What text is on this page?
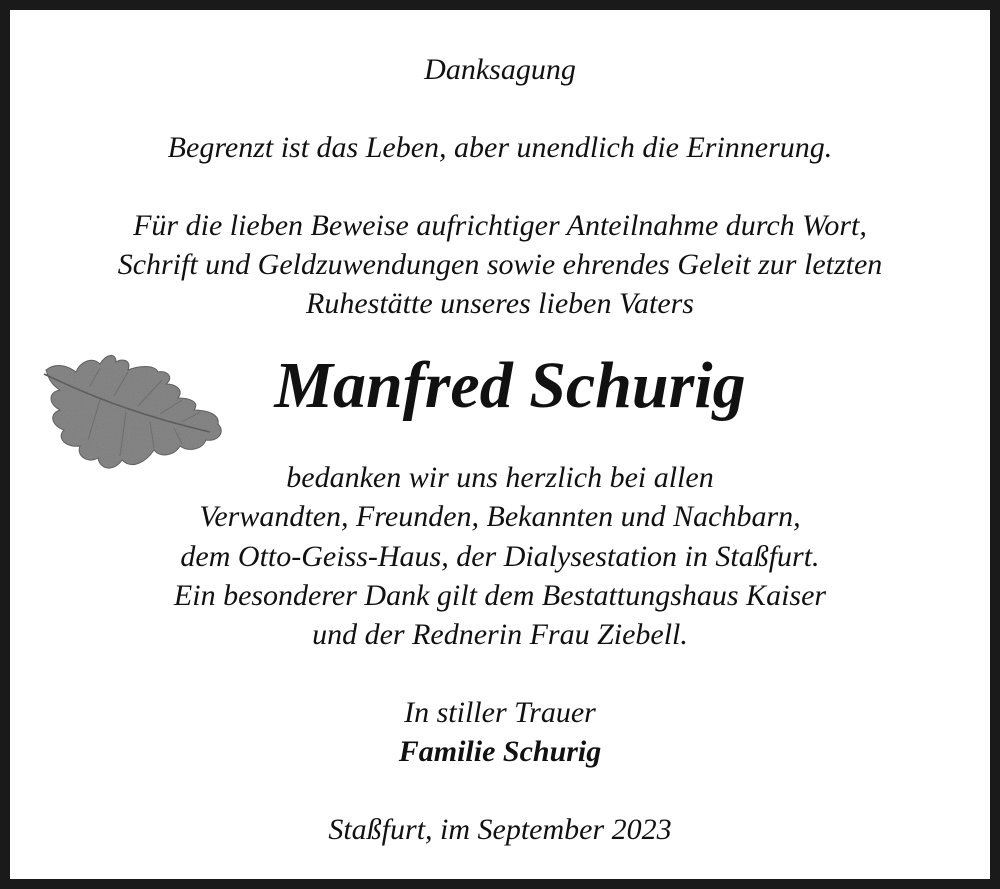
Danksagung
Begrenzt ist das Leben, aber unendlich die Erinnerung.
Für die lieben Beweise aufrichtiger Anteilnahme durch Wort,
Schrift und Geldzuwendungen sowie ehrendes Geleit zur letzten
Ruhestätte unseres lieben Vaters
Manfred Schurig
bedanken wir uns herzlich bei allen
Verwandten, Freunden, Bekannten und Nachbarn,
dem Otto-Geiss-Haus, der Dialysestation in Staßfurt.
Ein besonderer Dank gilt dem Bestattungshaus Kaiser
und der Rednerin Frau Ziebell.
In stiller Trauer
Familie Schurig
Staßfurt, im September 2023
